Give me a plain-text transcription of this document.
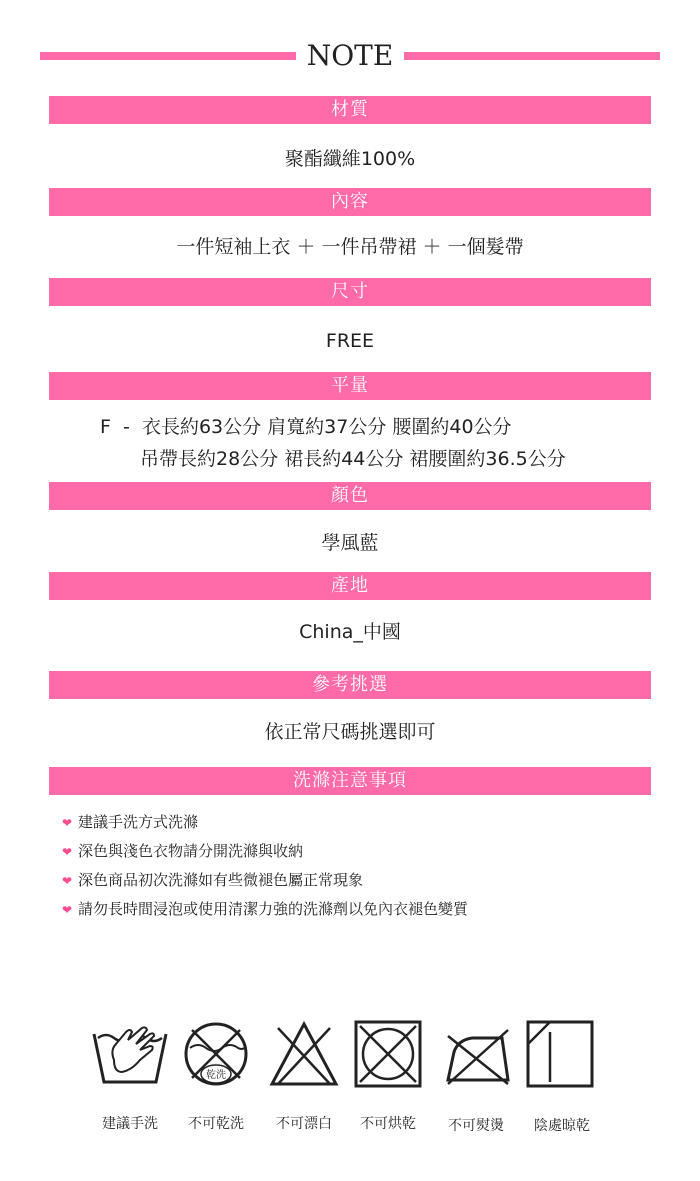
NOTE
材質
聚酯纖維100%
內容
一件短袖上衣 ＋ 一件吊帶裙 ＋ 一個髮帶
尺寸
FREE
平量
F  -  衣長約63公分 肩寬約37公分 腰圍約40公分
吊帶長約28公分 裙長約44公分 裙腰圍約36.5公分
顏色
學風藍
產地
China_中國
參考挑選
依正常尺碼挑選即可
洗滌注意事項
❤ 建議手洗方式洗滌
❤ 深色與淺色衣物請分開洗滌與收納
❤ 深色商品初次洗滌如有些微褪色屬正常現象
❤ 請勿長時間浸泡或使用清潔力強的洗滌劑以免內衣褪色變質
乾洗
建議手洗	不可乾洗	不可漂白	不可烘乾	不可熨燙	陰處晾乾
